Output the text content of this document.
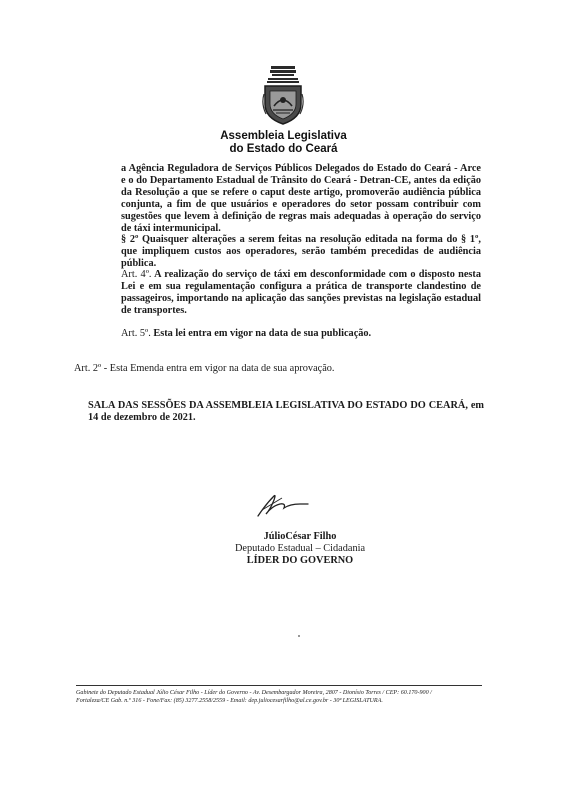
Assembleia Legislativa
do Estado do Ceará
a Agência Reguladora de Serviços Públicos Delegados do Estado do Ceará - Arce e o do Departamento Estadual de Trânsito do Ceará - Detran-CE, antes da edição da Resolução a que se refere o caput deste artigo, promoverão audiência pública conjunta, a fim de que usuários e operadores do setor possam contribuir com sugestões que levem à definição de regras mais adequadas à operação do serviço de táxi intermunicipal.
§ 2º Quaisquer alterações a serem feitas na resolução editada na forma do § 1º, que impliquem custos aos operadores, serão também precedidas de audiência pública.
Art. 4º. A realização do serviço de táxi em desconformidade com o disposto nesta Lei e em sua regulamentação configura a prática de transporte clandestino de passageiros, importando na aplicação das sanções previstas na legislação estadual de transportes.
Art. 5º. Esta lei entra em vigor na data de sua publicação.
Art. 2º - Esta Emenda entra em vigor na data de sua aprovação.
SALA DAS SESSÕES DA ASSEMBLEIA LEGISLATIVA DO ESTADO DO CEARÁ, em 14 de dezembro de 2021.
JúlioCésar Filho
Deputado Estadual – Cidadania
LÍDER DO GOVERNO
Gabinete do Deputado Estadual Júlio César Filho - Líder do Governo - Av. Desembargador Moreira, 2807 - Dionísio Torres / CEP: 60.170-900 /
Fortaleza/CE Gab. n.º 316 - Fone/Fax: (85) 3277.2558/2559 - Email: dep.juliocesarfilho@al.ce.gov.br - 30ª LEGISLATURA.
